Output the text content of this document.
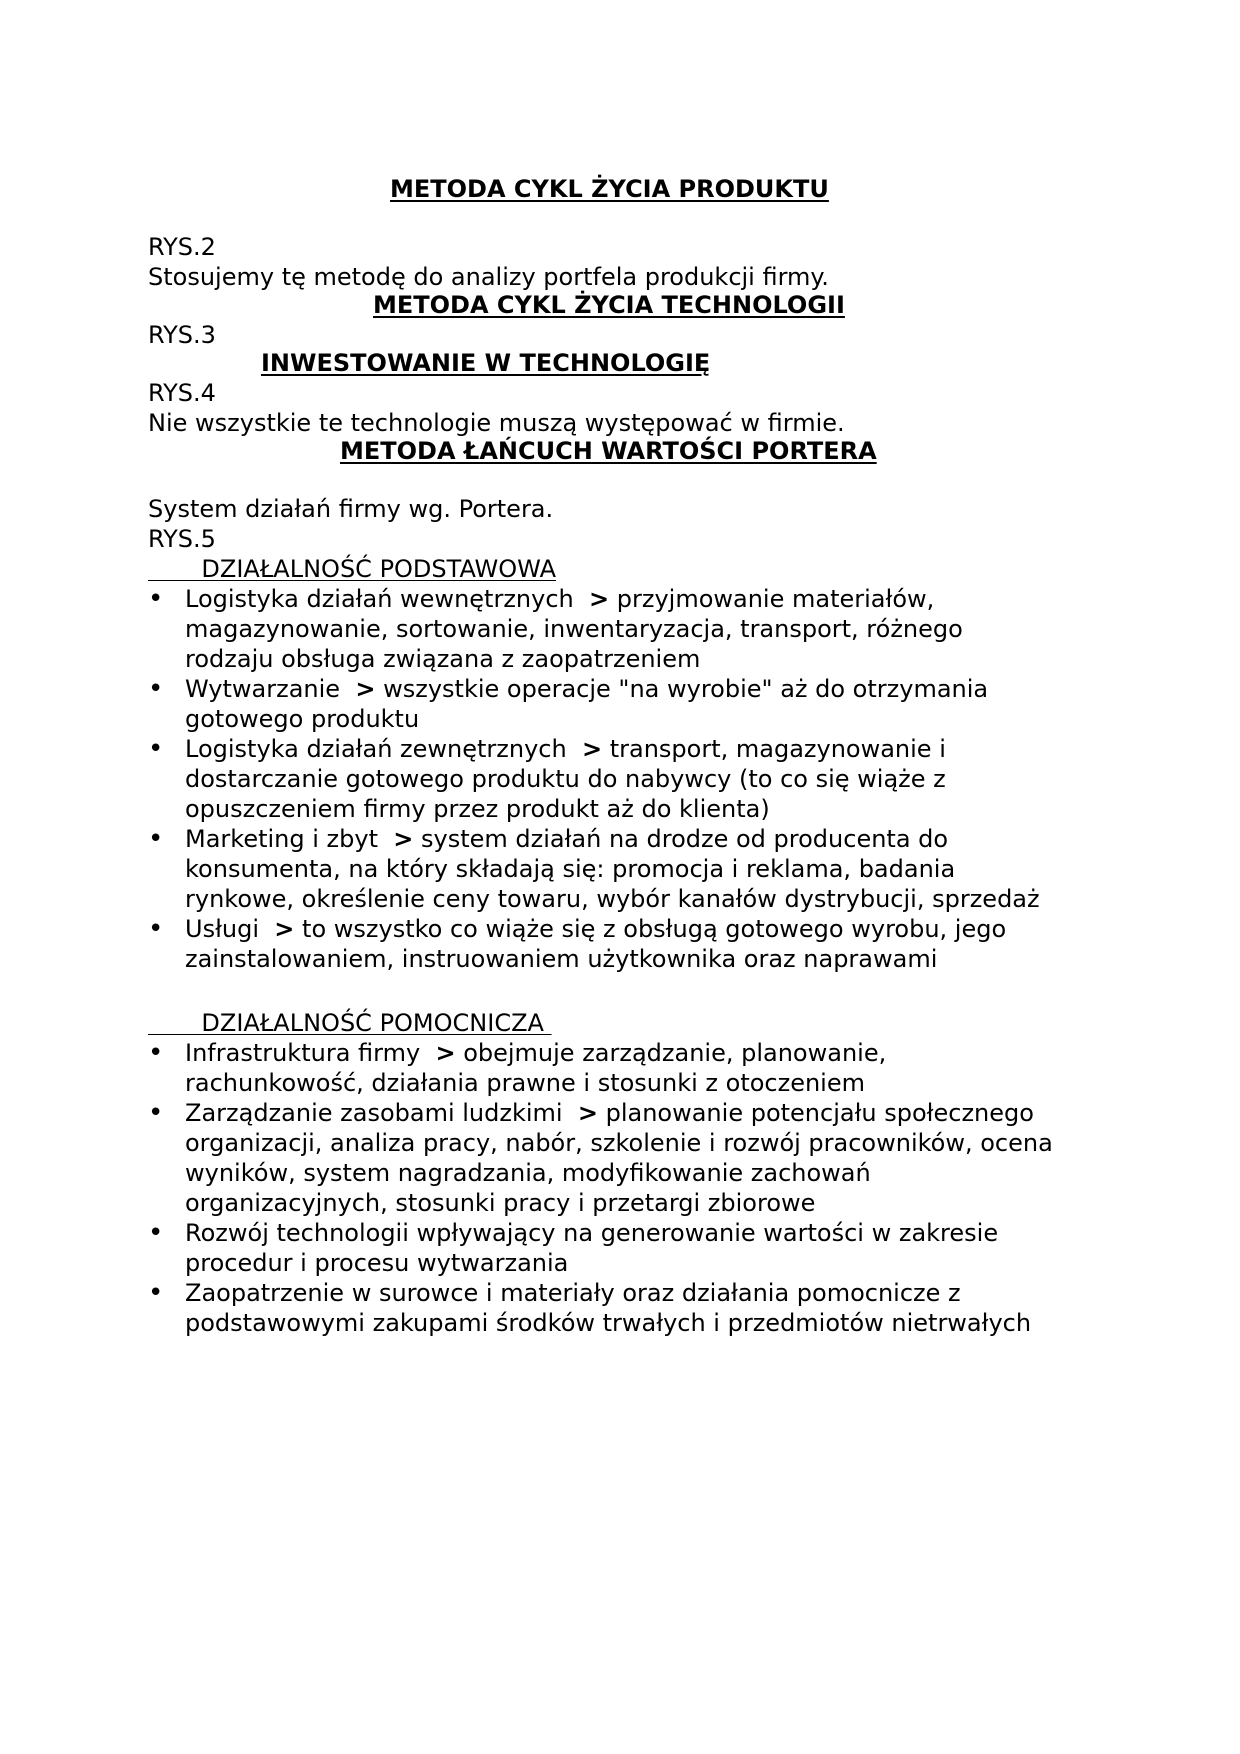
METODA CYKL ŻYCIA PRODUKTU
RYS.2
Stosujemy tę metodę do analizy portfela produkcji firmy.
METODA CYKL ŻYCIA TECHNOLOGII
RYS.3
INWESTOWANIE W TECHNOLOGIĘ
RYS.4
Nie wszystkie te technologie muszą występować w firmie.
METODA ŁAŃCUCH WARTOŚCI PORTERA
System działań firmy wg. Portera.
RYS.5
DZIAŁALNOŚĆ PODSTAWOWA
• Logistyka działań wewnętrznych > przyjmowanie materiałów,
magazynowanie, sortowanie, inwentaryzacja, transport, różnego
rodzaju obsługa związana z zaopatrzeniem
• Wytwarzanie > wszystkie operacje "na wyrobie" aż do otrzymania
gotowego produktu
• Logistyka działań zewnętrznych > transport, magazynowanie i
dostarczanie gotowego produktu do nabywcy (to co się wiąże z
opuszczeniem firmy przez produkt aż do klienta)
• Marketing i zbyt > system działań na drodze od producenta do
konsumenta, na który składają się: promocja i reklama, badania
rynkowe, określenie ceny towaru, wybór kanałów dystrybucji, sprzedaż
• Usługi > to wszystko co wiąże się z obsługą gotowego wyrobu, jego
zainstalowaniem, instruowaniem użytkownika oraz naprawami
DZIAŁALNOŚĆ POMOCNICZA
• Infrastruktura firmy > obejmuje zarządzanie, planowanie,
rachunkowość, działania prawne i stosunki z otoczeniem
• Zarządzanie zasobami ludzkimi > planowanie potencjału społecznego
organizacji, analiza pracy, nabór, szkolenie i rozwój pracowników, ocena
wyników, system nagradzania, modyfikowanie zachowań
organizacyjnych, stosunki pracy i przetargi zbiorowe
• Rozwój technologii wpływający na generowanie wartości w zakresie
procedur i procesu wytwarzania
• Zaopatrzenie w surowce i materiały oraz działania pomocnicze z
podstawowymi zakupami środków trwałych i przedmiotów nietrwałych
